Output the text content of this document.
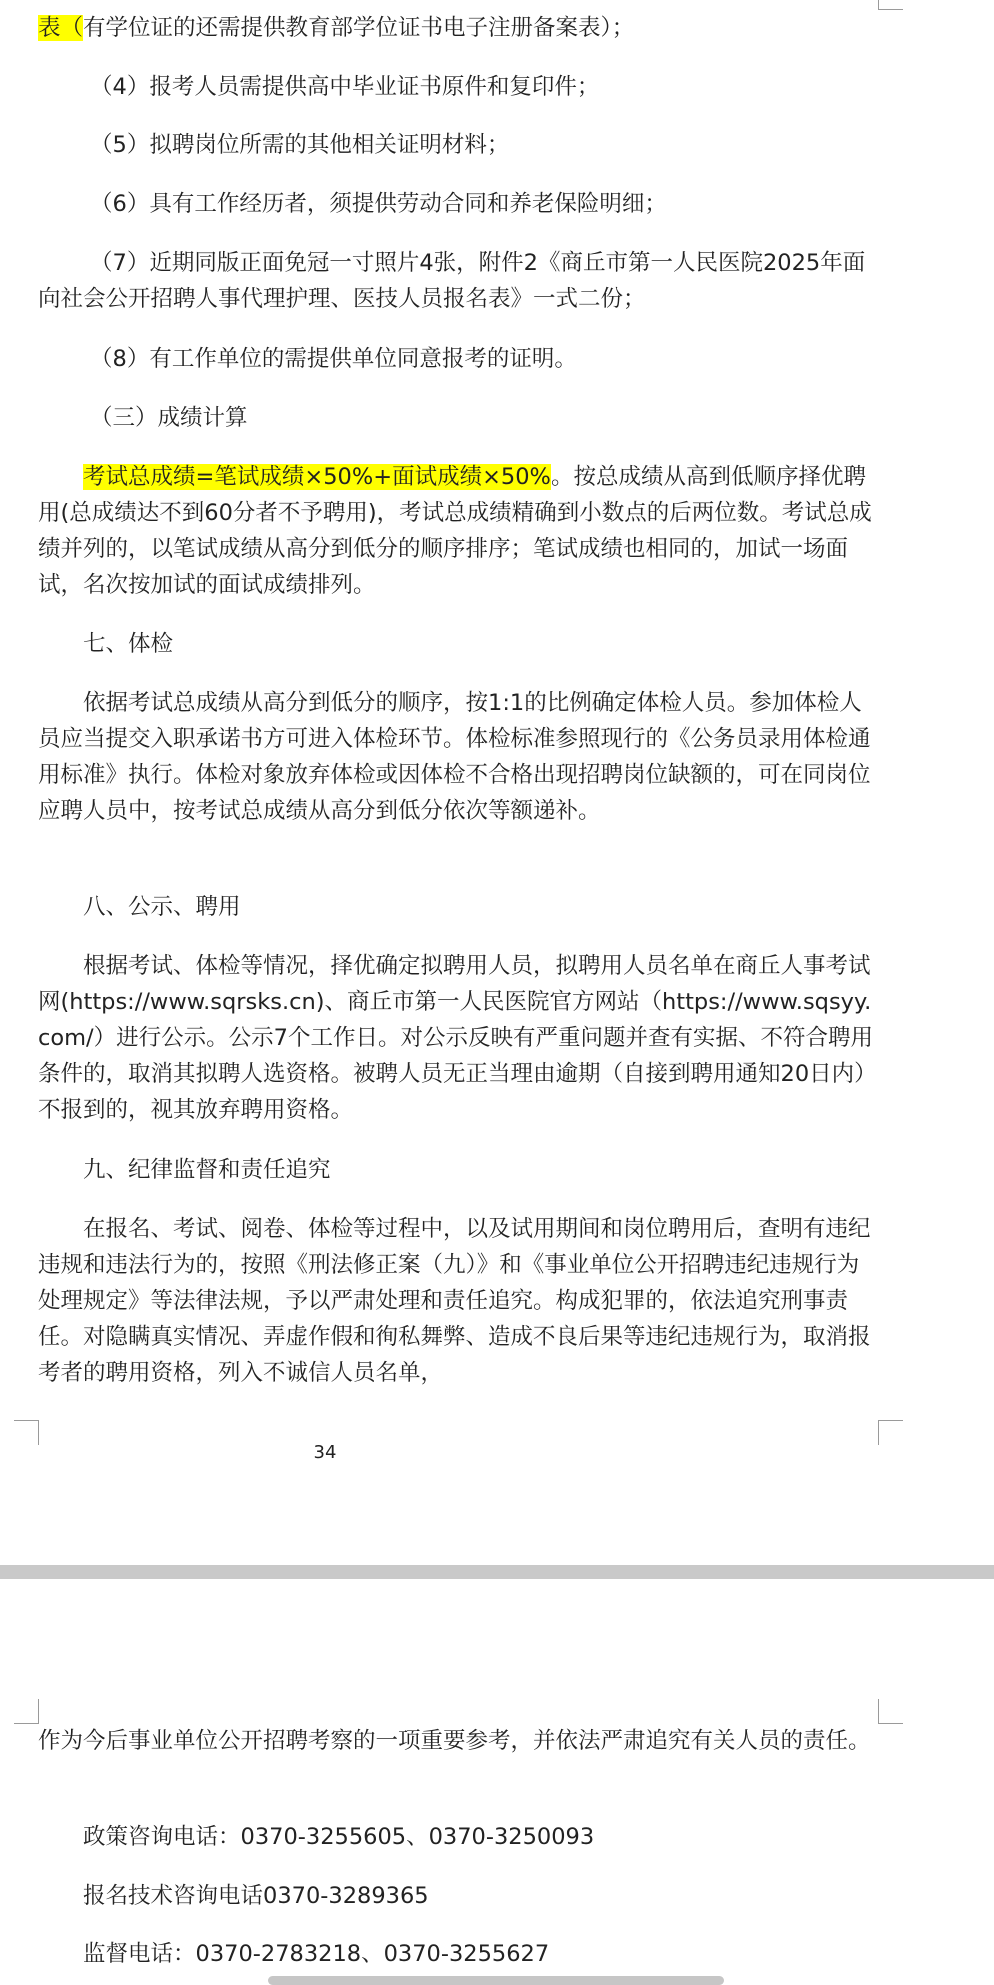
表（有学位证的还需提供教育部学位证书电子注册备案表）；

（4）报考人员需提供高中毕业证书原件和复印件；

（5）拟聘岗位所需的其他相关证明材料；

（6）具有工作经历者，须提供劳动合同和养老保险明细；

（7）近期同版正面免冠一寸照片4张，附件2《商丘市第一人民医院2025年面向社会公开招聘人事代理护理、医技人员报名表》一式二份；

（8）有工作单位的需提供单位同意报考的证明。

（三）成绩计算

考试总成绩=笔试成绩×50%+面试成绩×50%。按总成绩从高到低顺序择优聘用(总成绩达不到60分者不予聘用)，考试总成绩精确到小数点的后两位数。考试总成绩并列的，以笔试成绩从高分到低分的顺序排序；笔试成绩也相同的，加试一场面试，名次按加试的面试成绩排列。

七、体检

依据考试总成绩从高分到低分的顺序，按1:1的比例确定体检人员。参加体检人员应当提交入职承诺书方可进入体检环节。体检标准参照现行的《公务员录用体检通用标准》执行。体检对象放弃体检或因体检不合格出现招聘岗位缺额的，可在同岗位应聘人员中，按考试总成绩从高分到低分依次等额递补。

八、公示、聘用

根据考试、体检等情况，择优确定拟聘用人员，拟聘用人员名单在商丘人事考试网(https://www.sqrsks.cn)、商丘市第一人民医院官方网站（https://www.sqsyy.com/）进行公示。公示7个工作日。对公示反映有严重问题并查有实据、不符合聘用条件的，取消其拟聘人选资格。被聘人员无正当理由逾期（自接到聘用通知20日内）不报到的，视其放弃聘用资格。

九、纪律监督和责任追究

在报名、考试、阅卷、体检等过程中，以及试用期间和岗位聘用后，查明有违纪违规和违法行为的，按照《刑法修正案（九）》和《事业单位公开招聘违纪违规行为处理规定》等法律法规，予以严肃处理和责任追究。构成犯罪的，依法追究刑事责任。对隐瞒真实情况、弄虚作假和徇私舞弊、造成不良后果等违纪违规行为，取消报考者的聘用资格，列入不诚信人员名单，

34

作为今后事业单位公开招聘考察的一项重要参考，并依法严肃追究有关人员的责任。

政策咨询电话：0370-3255605、0370-3250093

报名技术咨询电话0370-3289365

监督电话：0370-2783218、0370-3255627
